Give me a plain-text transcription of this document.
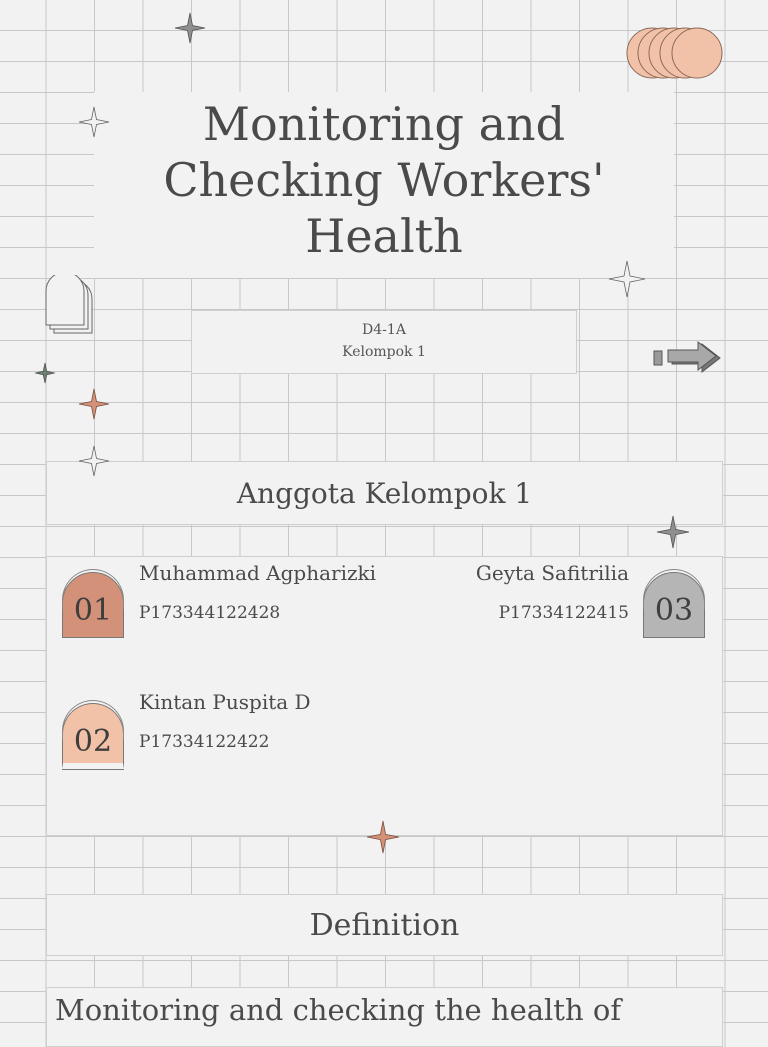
Monitoring and
Checking Workers'
Health
D4-1A
Kelompok 1
Anggota Kelompok 1
01
Muhammad Agpharizki
P173344122428
02
Kintan Puspita D
P17334122422
03
Geyta Safitrilia
P17334122415
Definition
Monitoring and checking the health of
